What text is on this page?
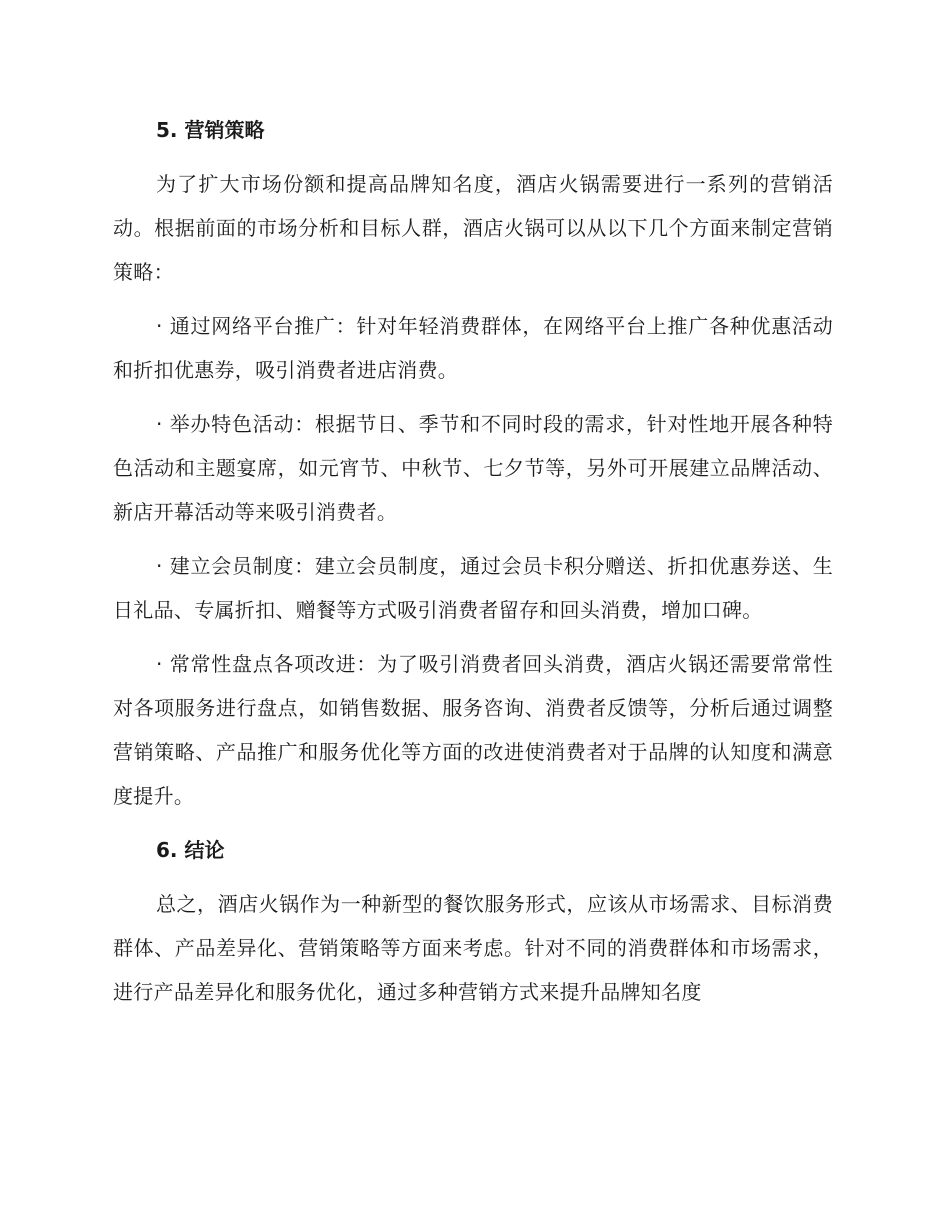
5. 营销策略

为了扩大市场份额和提高品牌知名度，酒店火锅需要进行一系列的营销活动。根据前面的市场分析和目标人群，酒店火锅可以从以下几个方面来制定营销策略：

· 通过网络平台推广：针对年轻消费群体，在网络平台上推广各种优惠活动和折扣优惠券，吸引消费者进店消费。

· 举办特色活动：根据节日、季节和不同时段的需求，针对性地开展各种特色活动和主题宴席，如元宵节、中秋节、七夕节等，另外可开展建立品牌活动、新店开幕活动等来吸引消费者。

· 建立会员制度：建立会员制度，通过会员卡积分赠送、折扣优惠券送、生日礼品、专属折扣、赠餐等方式吸引消费者留存和回头消费，增加口碑。

· 常常性盘点各项改进：为了吸引消费者回头消费，酒店火锅还需要常常性对各项服务进行盘点，如销售数据、服务咨询、消费者反馈等，分析后通过调整营销策略、产品推广和服务优化等方面的改进使消费者对于品牌的认知度和满意度提升。

6. 结论

总之，酒店火锅作为一种新型的餐饮服务形式，应该从市场需求、目标消费群体、产品差异化、营销策略等方面来考虑。针对不同的消费群体和市场需求，进行产品差异化和服务优化，通过多种营销方式来提升品牌知名度
